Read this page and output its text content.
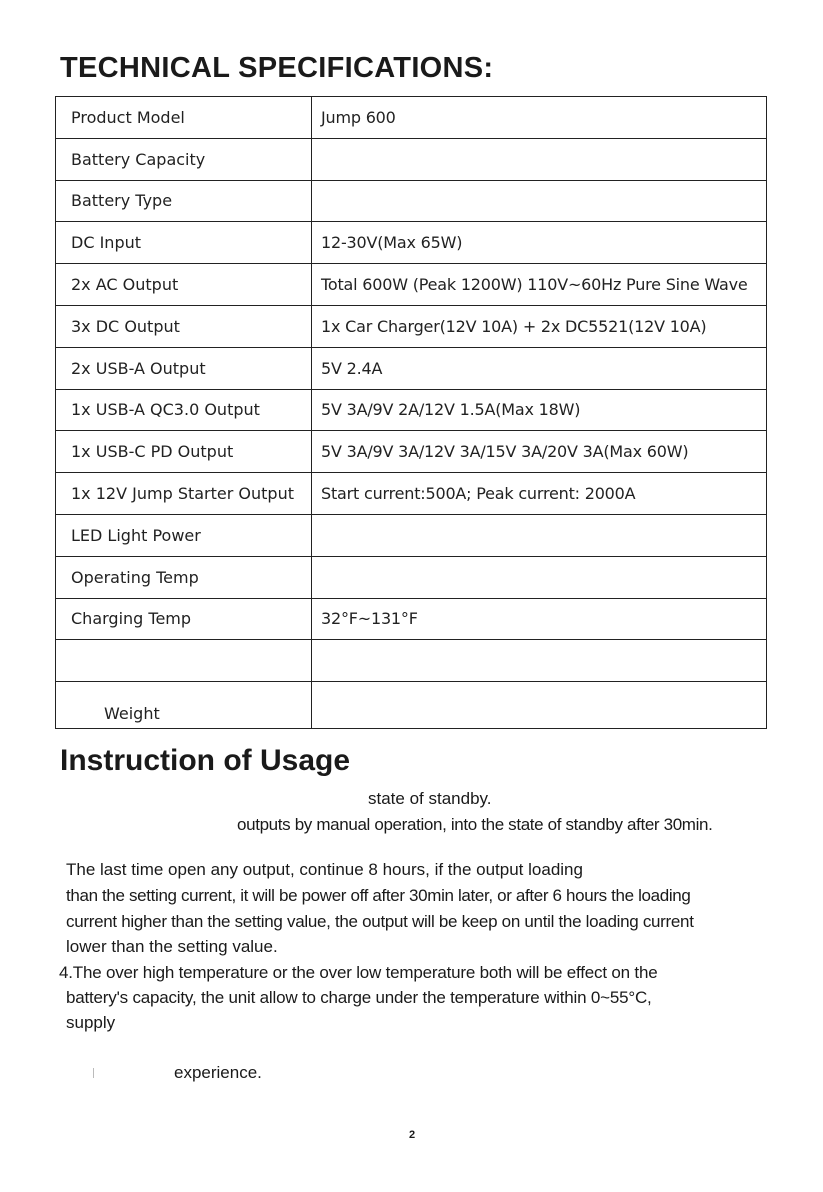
TECHNICAL SPECIFICATIONS:
Product Model	Jump 600
Battery Capacity	
Battery Type	
DC Input	12-30V(Max 65W)
2x AC Output	Total 600W (Peak 1200W) 110V~60Hz Pure Sine Wave
3x DC Output	1x Car Charger(12V 10A) + 2x DC5521(12V 10A)
2x USB-A Output	5V 2.4A
1x USB-A QC3.0 Output	5V 3A/9V 2A/12V 1.5A(Max 18W)
1x USB-C PD Output	5V 3A/9V 3A/12V 3A/15V 3A/20V 3A(Max 60W)
1x 12V Jump Starter Output	Start current:500A; Peak current: 2000A
LED Light Power	
Operating Temp	
Charging Temp	32°F~131°F

Weight	
Instruction of Usage
state of standby.
outputs by manual operation, into the state of standby after 30min.
The last time open any output, continue 8 hours, if the output loading
than the setting current, it will be power off after 30min later, or after 6 hours the loading
current higher than the setting value, the output will be keep on until the loading current
lower than the setting value.
4.The over high temperature or the over low temperature both will be effect on the
battery's capacity, the unit allow to charge under the temperature within 0~55°C,
supply
experience.
2
